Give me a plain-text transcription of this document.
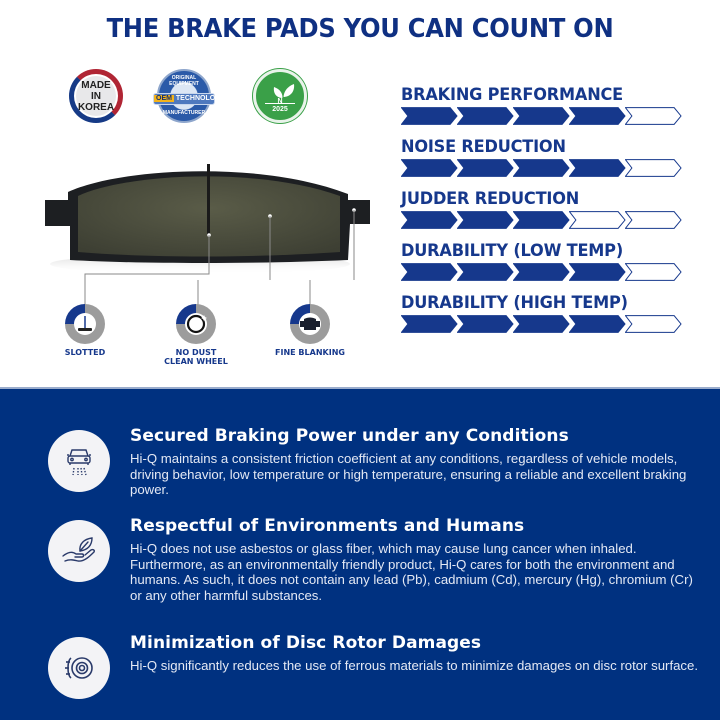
THE BRAKE PADS YOU CAN COUNT ON
MADE IN
KOREA
ORIGINAL EQUIPMENT
OEM TECHNOLOGY
MANUFACTURER
N
2025
SLOTTED	NO DUST
CLEAN WHEEL
FINE BLANKING
BRAKING PERFORMANCE
NOISE REDUCTION
JUDDER REDUCTION
DURABILITY (LOW TEMP)
DURABILITY (HIGH TEMP)
Secured Braking Power under any Conditions
Hi-Q maintains a consistent friction coefficient at any conditions, regardless of vehicle models, driving behavior, low temperature or high temperature, ensuring a reliable and excellent braking power.
Respectful of Environments and Humans
Hi-Q does not use asbestos or glass fiber, which may cause lung cancer when inhaled. Furthermore, as an environmentally friendly product, Hi-Q cares for both the environment and humans. As such, it does not contain any lead (Pb), cadmium (Cd), mercury (Hg), chromium (Cr) or any other harmful substances.
Minimization of Disc Rotor Damages
Hi-Q significantly reduces the use of ferrous materials to minimize damages on disc rotor surface.
